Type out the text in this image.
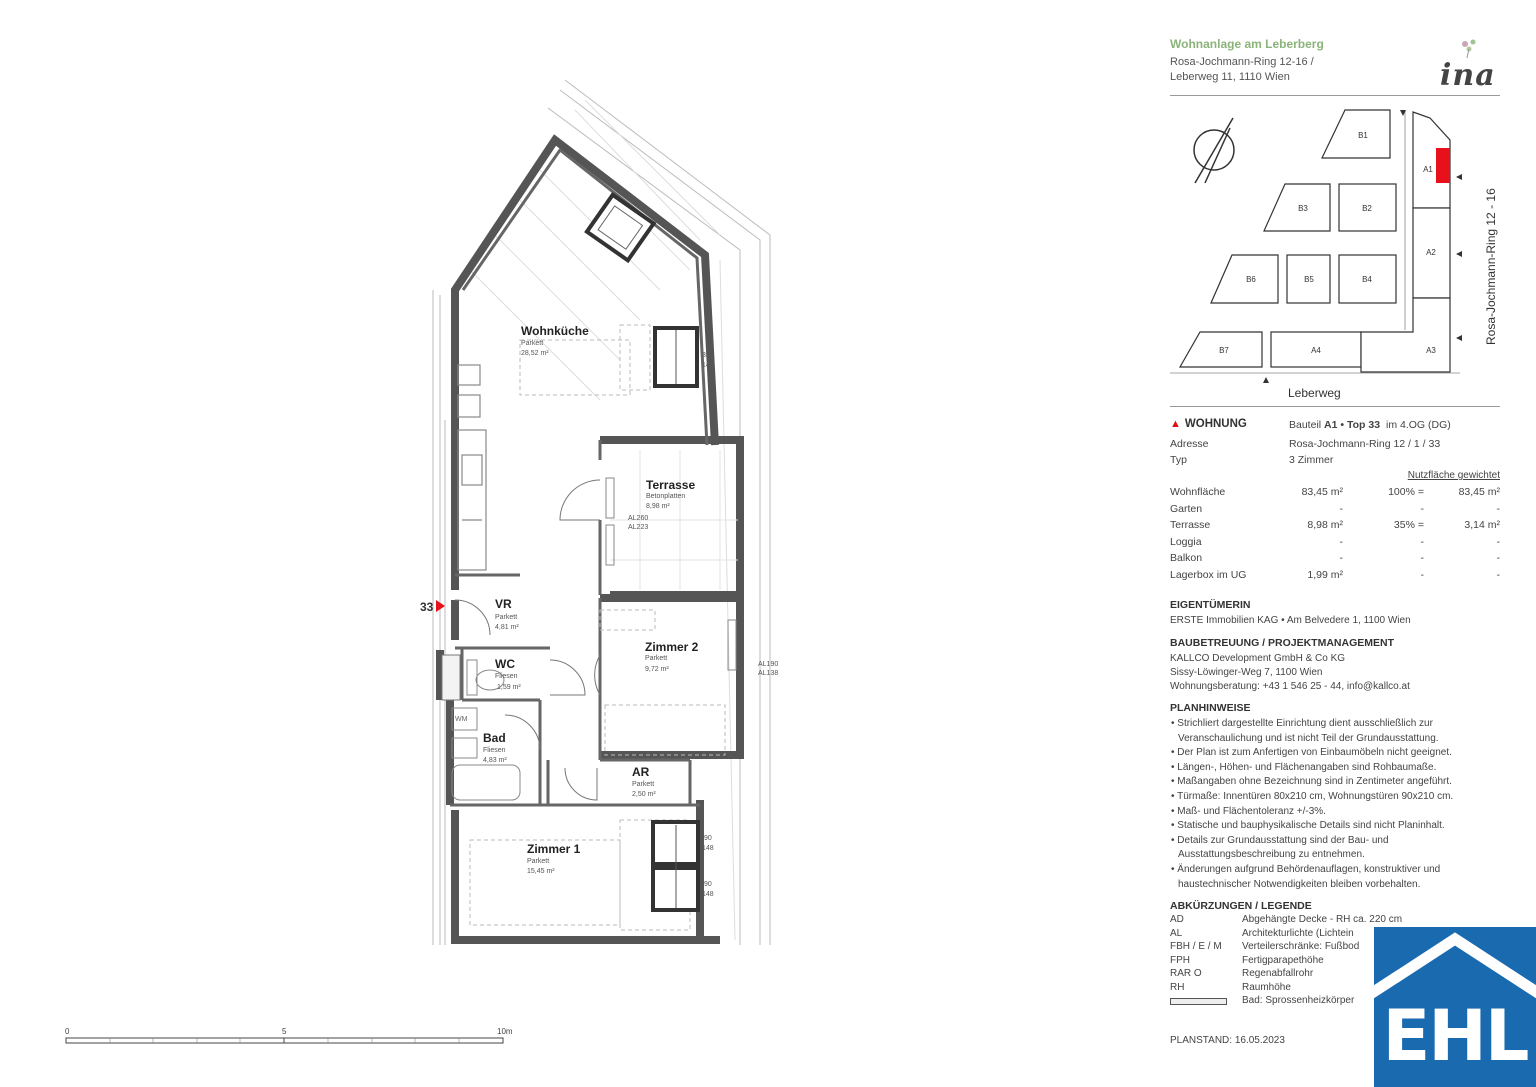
33
Wohnküche
Parkett
28,52 m²
Terrasse
Betonplatten
8,98 m²
VR
Parkett
4,81 m²
WC
Fliesen
1,59 m²
Zimmer 2
Parkett
9,72 m²
Bad
Fliesen
4,83 m²
AR
Parkett
2,50 m²
Zimmer 1
Parkett
15,45 m²
WM
AL260
AL223
AL190
AL138
335
148
90
148
90
148
0	5	10m
Wohnanlage am Leberberg
Rosa-Jochmann-Ring 12-16 /
Leberweg 11, 1110 Wien	ina
B1
A1
B3	B2
A2
B6	B5	B4
B7	A4	A3
Leberweg
Rosa-Jochmann-Ring 12 - 16
▲ WOHNUNG	Bauteil A1 • Top 33 im 4.OG (DG)
Adresse	Rosa-Jochmann-Ring 12 / 1 / 33
Typ	3 Zimmer
Nutzfläche gewichtet
Wohnfläche	83,45 m²	100% =	83,45 m²
Garten	-	-	-
Terrasse	8,98 m²	35% =	3,14 m²
Loggia	-	-	-
Balkon	-	-	-
Lagerbox im UG	1,99 m²	-	-
EIGENTÜMERIN
ERSTE Immobilien KAG • Am Belvedere 1, 1100 Wien
BAUBETREUUNG / PROJEKTMANAGEMENT
KALLCO Development GmbH & Co KG
Sissy-Löwinger-Weg 7, 1100 Wien
Wohnungsberatung: +43 1 546 25 - 44, info@kallco.at
PLANHINWEISE
• Strichliert dargestellte Einrichtung dient ausschließlich zur Veranschaulichung und ist nicht Teil der Grundausstattung.
• Der Plan ist zum Anfertigen von Einbaumöbeln nicht geeignet.
• Längen-, Höhen- und Flächenangaben sind Rohbaumaße.
• Maßangaben ohne Bezeichnung sind in Zentimeter angeführt.
• Türmaße: Innentüren 80x210 cm, Wohnungstüren 90x210 cm.
• Maß- und Flächentoleranz +/-3%.
• Statische und bauphysikalische Details sind nicht Planinhalt.
• Details zur Grundausstattung sind der Bau- und Ausstattungsbeschreibung zu entnehmen.
• Änderungen aufgrund Behördenauflagen, konstruktiver und haustechnischer Notwendigkeiten bleiben vorbehalten.
ABKÜRZUNGEN / LEGENDE
AD	Abgehängte Decke - RH ca. 220 cm
AL	Architekturlichte (Lichtein
FBH / E / M Verteilerschränke: Fußbod
FPH	Fertigparapethöhe
RAR O	Regenabfallrohr
RH	Raumhöhe
Bad: Sprossenheizkörper
PLANSTAND: 16.05.2023 EHL
